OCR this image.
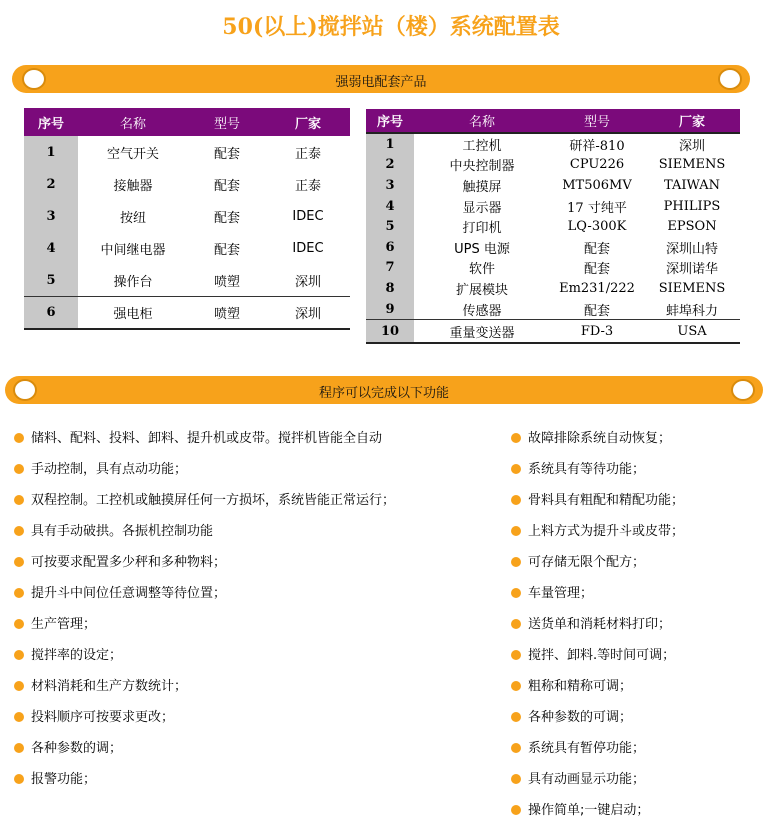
50(以上)搅拌站（楼）系统配置表
强弱电配套产品
序号	名称	型号	厂家
1	空气开关	配套	正泰
2	接触器	配套	正泰
3	按纽	配套	IDEC
4	中间继电器	配套	IDEC
5	操作台	喷塑	深圳
6	强电柜	喷塑	深圳
序号	名称	型号	厂家
1	工控机	研祥-810	深圳
2	中央控制器	CPU226	SIEMENS
3	触摸屏	MT506MV	TAIWAN
4	显示器	17 寸纯平	PHILIPS
5	打印机	LQ-300K	EPSON
6	UPS 电源	配套	深圳山特
7	软件	配套	深圳诺华
8	扩展模块	Em231/222	SIEMENS
9	传感器	配套	蚌埠科力
10	重量变送器	FD-3	USA
程序可以完成以下功能
储料、配料、投料、卸料、提升机或皮带。搅拌机皆能全自动
手动控制，具有点动功能；
双程控制。工控机或触摸屏任何一方损坏，系统皆能正常运行；
具有手动破拱。各振机控制功能
可按要求配置多少秤和多种物料；
提升斗中间位任意调整等待位置；
生产管理；
搅拌率的设定；
材料消耗和生产方数统计；
投料顺序可按要求更改；
各种参数的调；
报警功能；
故障排除系统自动恢复；
系统具有等待功能；
骨料具有粗配和精配功能；
上料方式为提升斗或皮带；
可存储无限个配方；
车量管理；
送货单和消耗材料打印；
搅拌、卸料.等时间可调；
粗称和精称可调；
各种参数的可调；
系统具有暂停功能；
具有动画显示功能；
操作简单;一键启动；
